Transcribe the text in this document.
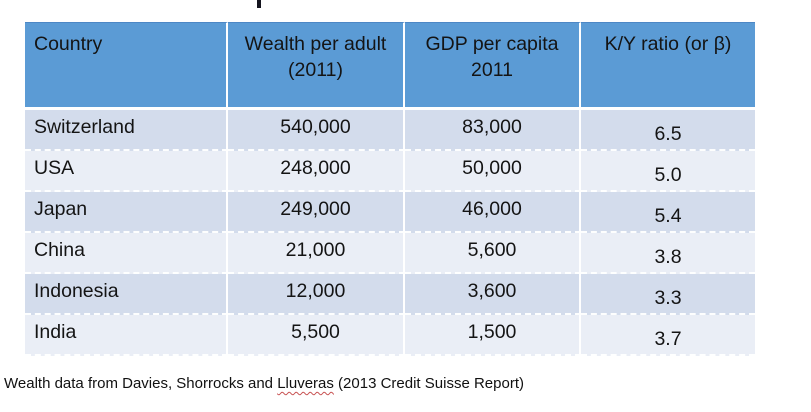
Country	Wealth per adult (2011)	GDP per capita 2011	K/Y ratio (or β)
Switzerland	540,000	83,000	6.5
USA	248,000	50,000	5.0
Japan	249,000	46,000	5.4
China	21,000	5,600	3.8
Indonesia	12,000	3,600	3.3
India	5,500	1,500	3.7

Wealth data from Davies, Shorrocks and Lluveras (2013 Credit Suisse Report)
